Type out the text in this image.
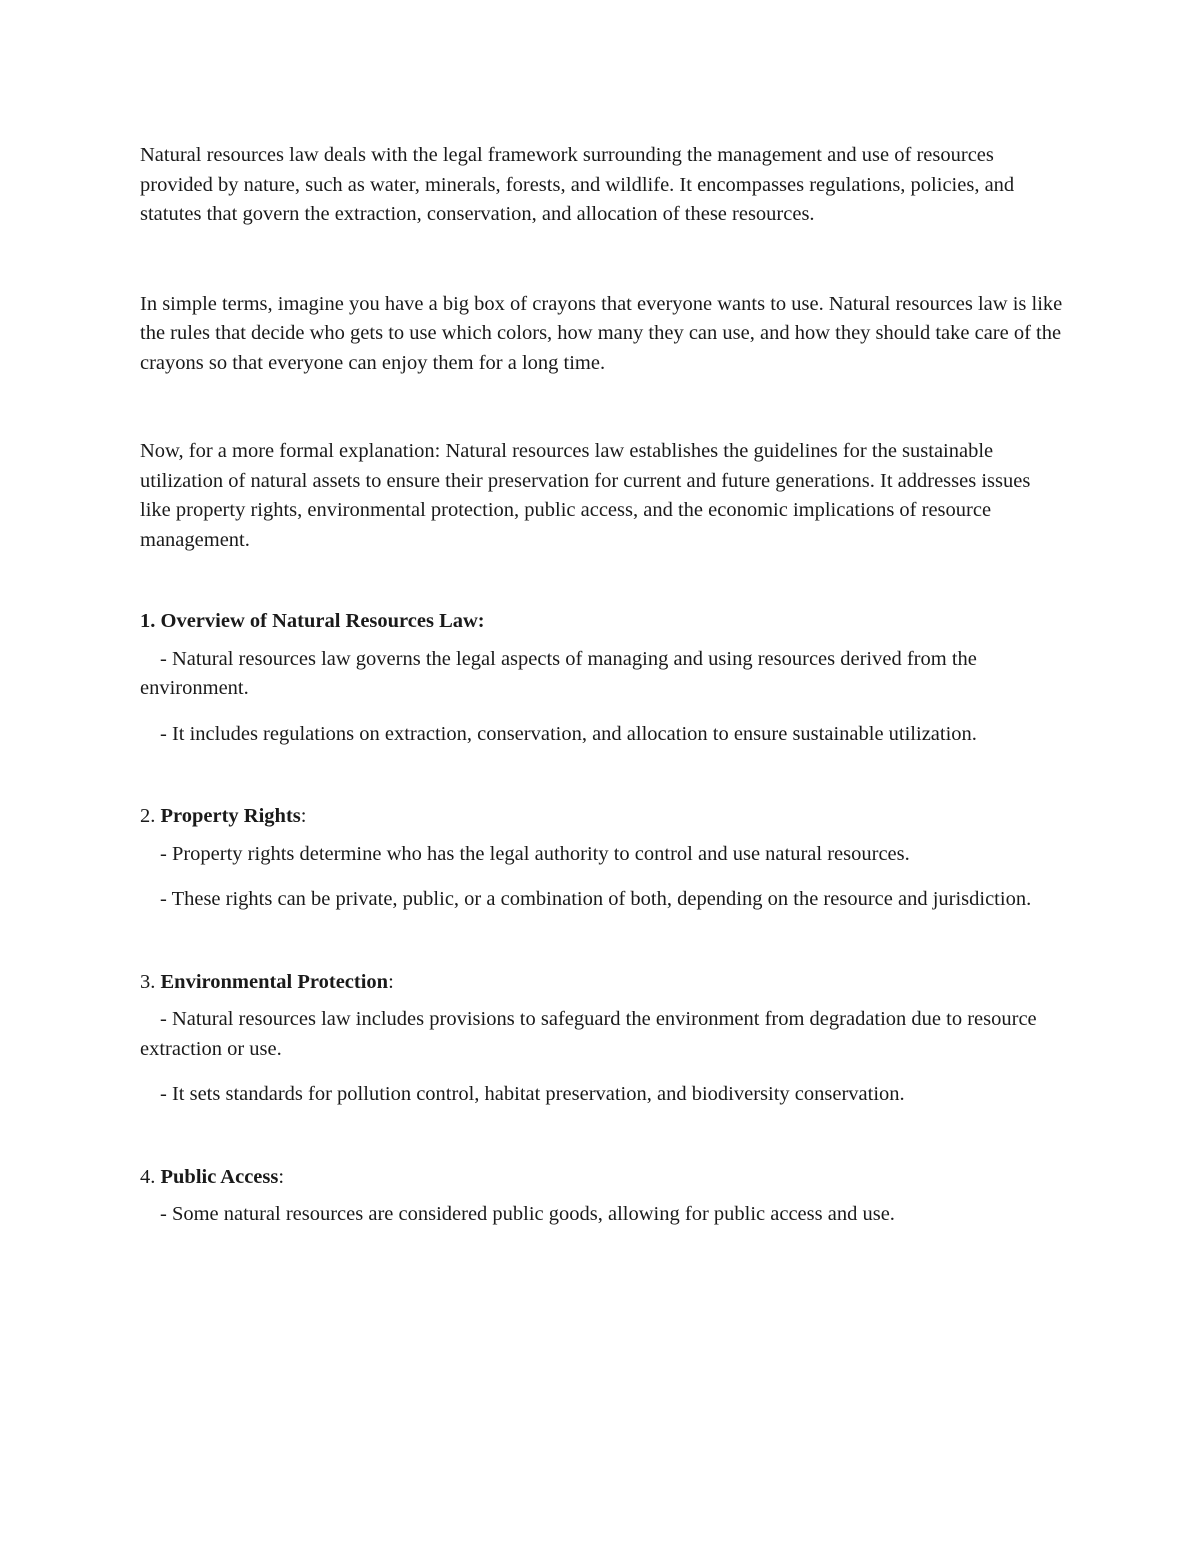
Natural resources law deals with the legal framework surrounding the management and use of resources provided by nature, such as water, minerals, forests, and wildlife. It encompasses regulations, policies, and statutes that govern the extraction, conservation, and allocation of these resources.

In simple terms, imagine you have a big box of crayons that everyone wants to use. Natural resources law is like the rules that decide who gets to use which colors, how many they can use, and how they should take care of the crayons so that everyone can enjoy them for a long time.

Now, for a more formal explanation: Natural resources law establishes the guidelines for the sustainable utilization of natural assets to ensure their preservation for current and future generations. It addresses issues like property rights, environmental protection, public access, and the economic implications of resource management.

1. Overview of Natural Resources Law:

- Natural resources law governs the legal aspects of managing and using resources derived from the environment.

- It includes regulations on extraction, conservation, and allocation to ensure sustainable utilization.

2. Property Rights:

- Property rights determine who has the legal authority to control and use natural resources.

- These rights can be private, public, or a combination of both, depending on the resource and jurisdiction.

3. Environmental Protection:

- Natural resources law includes provisions to safeguard the environment from degradation due to resource extraction or use.

- It sets standards for pollution control, habitat preservation, and biodiversity conservation.

4. Public Access:

- Some natural resources are considered public goods, allowing for public access and use.
